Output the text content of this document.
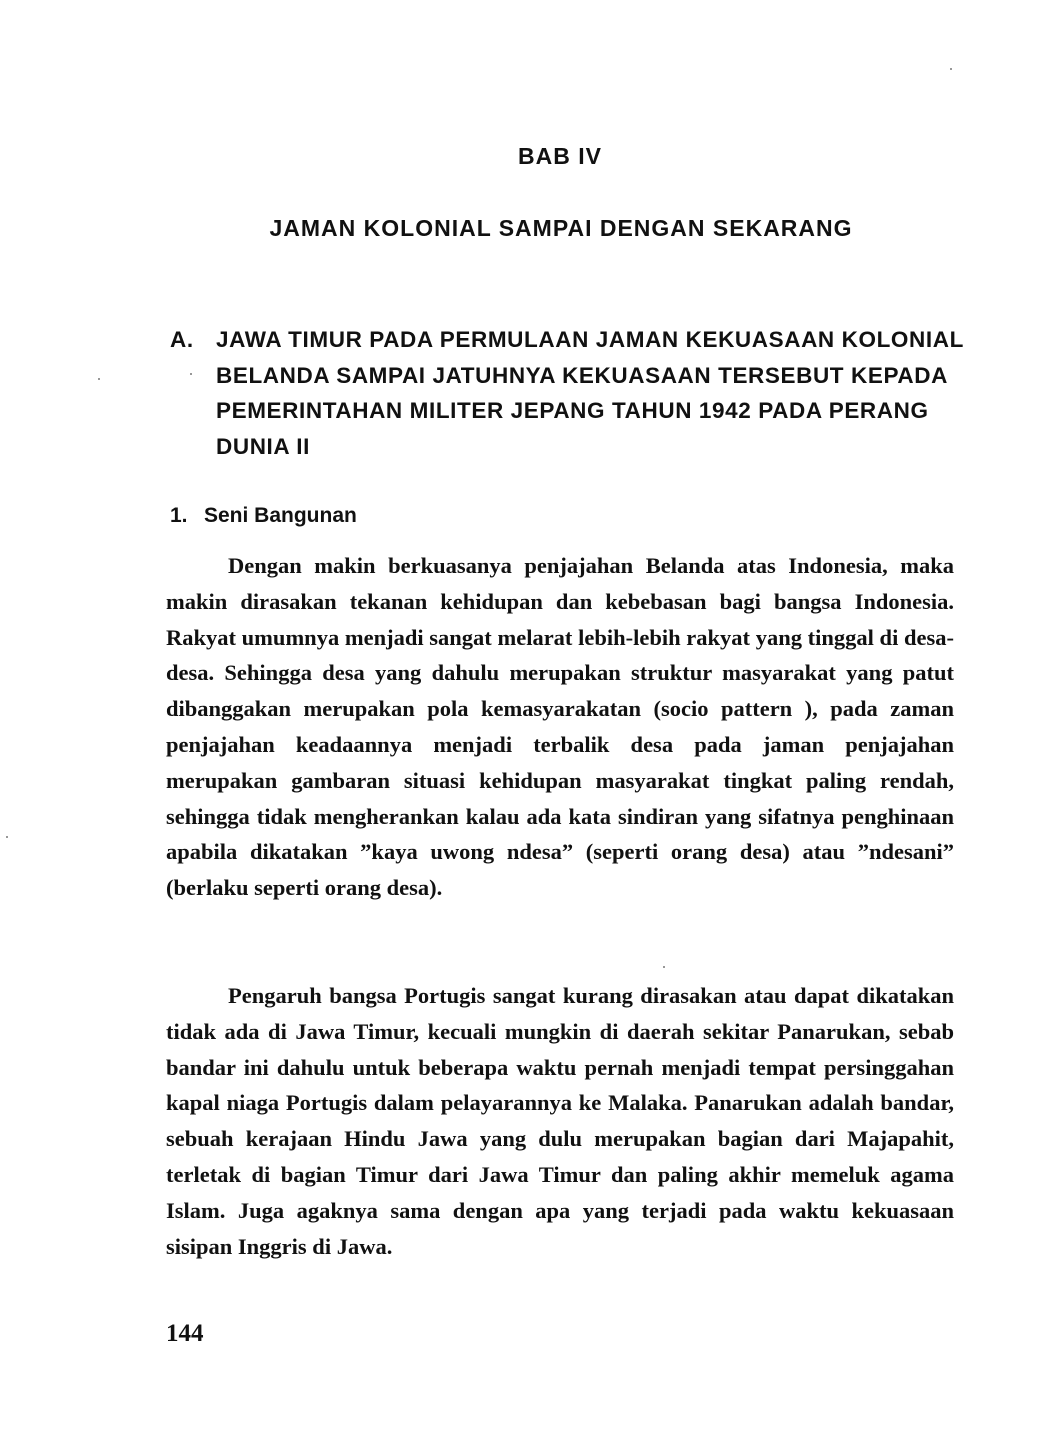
BAB IV
JAMAN KOLONIAL SAMPAI DENGAN SEKARANG
A. JAWA TIMUR PADA PERMULAAN JAMAN KEKUASAAN KOLONIAL BELANDA SAMPAI JATUHNYA KEKUASAAN TERSEBUT KEPADA PEMERINTAHAN MILITER JEPANG TAHUN 1942 PADA PERANG DUNIA II
1. Seni Bangunan

Dengan makin berkuasanya penjajahan Belanda atas Indonesia, maka makin dirasakan tekanan kehidupan dan kebebasan bagi bangsa Indonesia. Rakyat umumnya menjadi sangat melarat lebih-lebih rakyat yang tinggal di desa-desa. Sehingga desa yang dahulu merupakan struktur masyarakat yang patut dibanggakan merupakan pola kemasyarakatan (socio pattern ), pada zaman penjajahan keadaannya menjadi terbalik desa pada jaman penjajahan merupakan gambaran situasi kehidupan masyarakat tingkat paling rendah, sehingga tidak mengherankan kalau ada kata sindiran yang sifatnya penghinaan apabila dikatakan ”kaya uwong ndesa” (seperti orang desa) atau ”ndesani” (berlaku seperti orang desa).

Pengaruh bangsa Portugis sangat kurang dirasakan atau dapat dikatakan tidak ada di Jawa Timur, kecuali mungkin di daerah sekitar Panarukan, sebab bandar ini dahulu untuk beberapa waktu pernah menjadi tempat persinggahan kapal niaga Portugis dalam pelayarannya ke Malaka. Panarukan adalah bandar, sebuah kerajaan Hindu Jawa yang dulu merupakan bagian dari Majapahit, terletak di bagian Timur dari Jawa Timur dan paling akhir memeluk agama Islam. Juga agaknya sama dengan apa yang terjadi pada waktu kekuasaan sisipan Inggris di Jawa.

144
